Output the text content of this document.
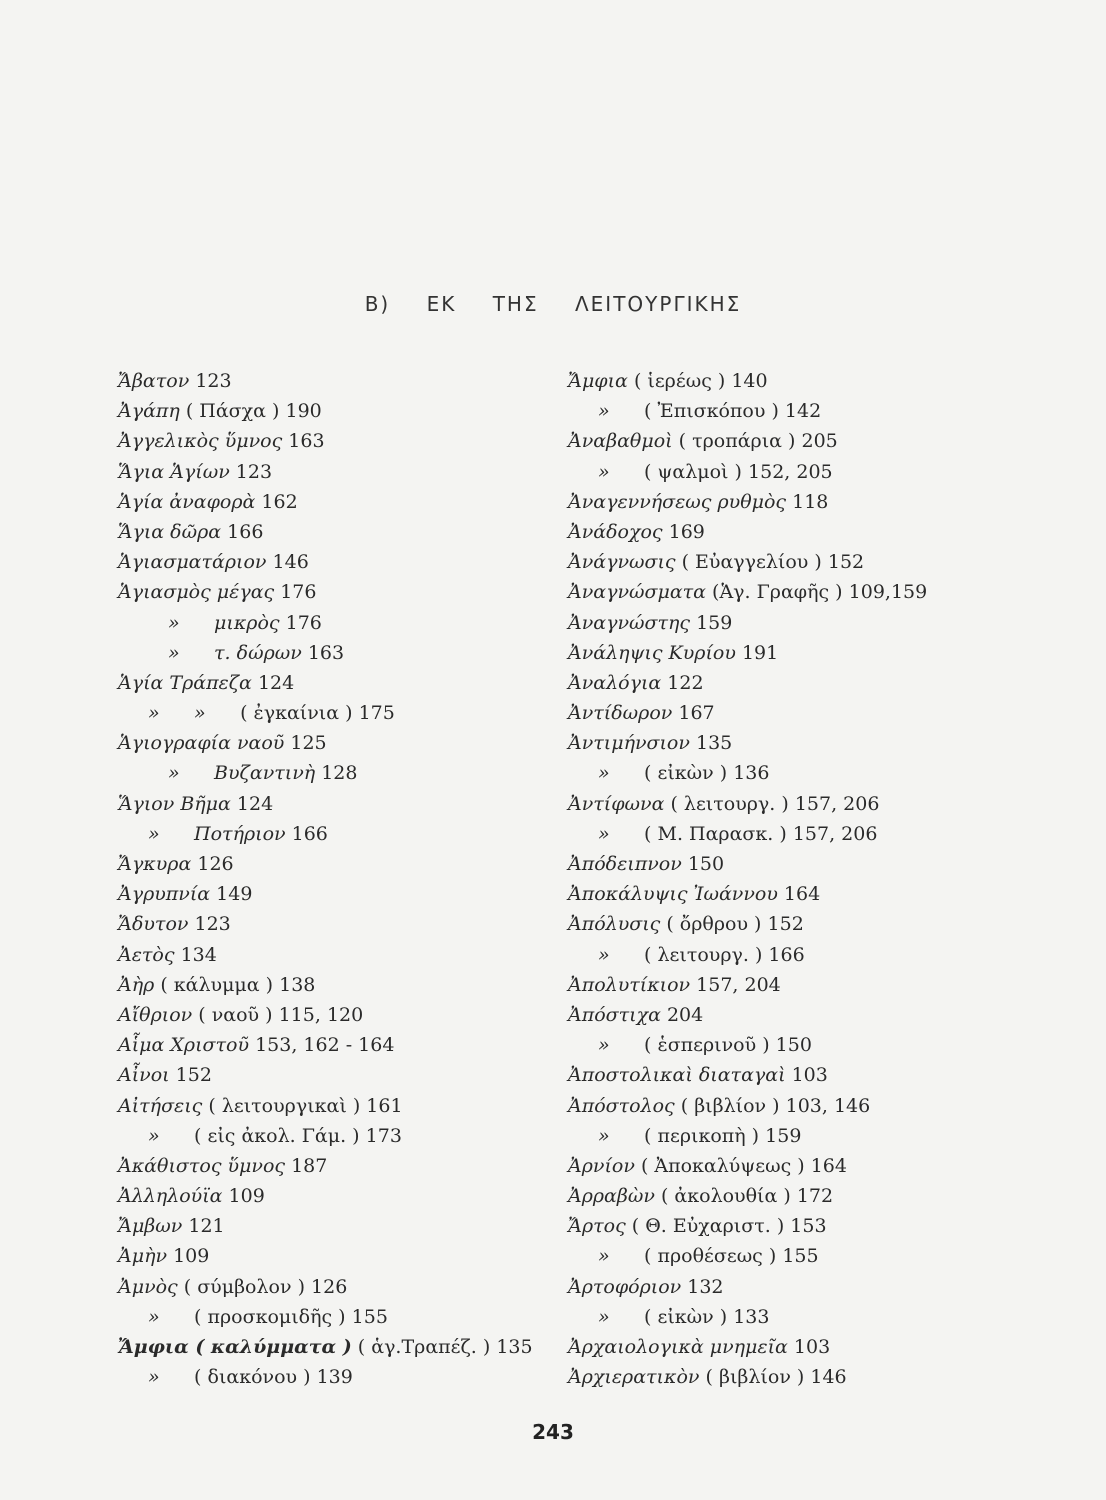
Β) ΕΚ ΤΗΣ ΛΕΙΤΟΥΡΓΙΚΗΣ
Ἄβατον 123
Ἀγάπη ( Πάσχα ) 190
Ἀγγελικὸς ὕμνος 163
Ἅγια Ἁγίων 123
Ἁγία ἀναφορὰ 162
Ἅγια δῶρα 166
Ἁγιασματάριον 146
Ἁγιασμὸς μέγας 176
» μικρὸς 176
» τ. δώρων 163
Ἁγία Τράπεζα 124
» » ( ἐγκαίνια ) 175
Ἁγιογραφία ναοῦ 125
» Βυζαντινὴ 128
Ἅγιον Βῆμα 124
» Ποτήριον 166
Ἄγκυρα 126
Ἀγρυπνία 149
Ἄδυτον 123
Ἀετὸς 134
Ἀὴρ ( κάλυμμα ) 138
Αἴθριον ( ναοῦ ) 115, 120
Αἷμα Χριστοῦ 153, 162 - 164
Αἶνοι 152
Αἰτήσεις ( λειτουργικαὶ ) 161
» ( εἰς ἀκολ. Γάμ. ) 173
Ἀκάθιστος ὕμνος 187
Ἀλληλούϊα 109
Ἄμβων 121
Ἀμὴν 109
Ἀμνὸς ( σύμβολον ) 126
» ( προσκομιδῆς ) 155
Ἄμφια ( καλύμματα ) ( ἁγ.Τραπέζ. ) 135
» ( διακόνου ) 139
Ἄμφια ( ἱερέως ) 140
» ( Ἐπισκόπου ) 142
Ἀναβαθμοὶ ( τροπάρια ) 205
» ( ψαλμοὶ ) 152, 205
Ἀναγεννήσεως ρυθμὸς 118
Ἀνάδοχος 169
Ἀνάγνωσις ( Εὐαγγελίου ) 152
Ἀναγνώσματα (Ἁγ. Γραφῆς ) 109,159
Ἀναγνώστης 159
Ἀνάληψις Κυρίου 191
Ἀναλόγια 122
Ἀντίδωρον 167
Ἀντιμήνσιον 135
» ( εἰκὼν ) 136
Ἀντίφωνα ( λειτουργ. ) 157, 206
» ( Μ. Παρασκ. ) 157, 206
Ἀπόδειπνον 150
Ἀποκάλυψις Ἰωάννου 164
Ἀπόλυσις ( ὄρθρου ) 152
» ( λειτουργ. ) 166
Ἀπολυτίκιον 157, 204
Ἀπόστιχα 204
» ( ἑσπερινοῦ ) 150
Ἀποστολικαὶ διαταγαὶ 103
Ἀπόστολος ( βιβλίον ) 103, 146
» ( περικοπὴ ) 159
Ἀρνίον ( Ἀποκαλύψεως ) 164
Ἀρραβὼν ( ἀκολουθία ) 172
Ἄρτος ( Θ. Εὐχαριστ. ) 153
» ( προθέσεως ) 155
Ἀρτοφόριον 132
» ( εἰκὼν ) 133
Ἀρχαιολογικὰ μνημεῖα 103
Ἀρχιερατικὸν ( βιβλίον ) 146
243
